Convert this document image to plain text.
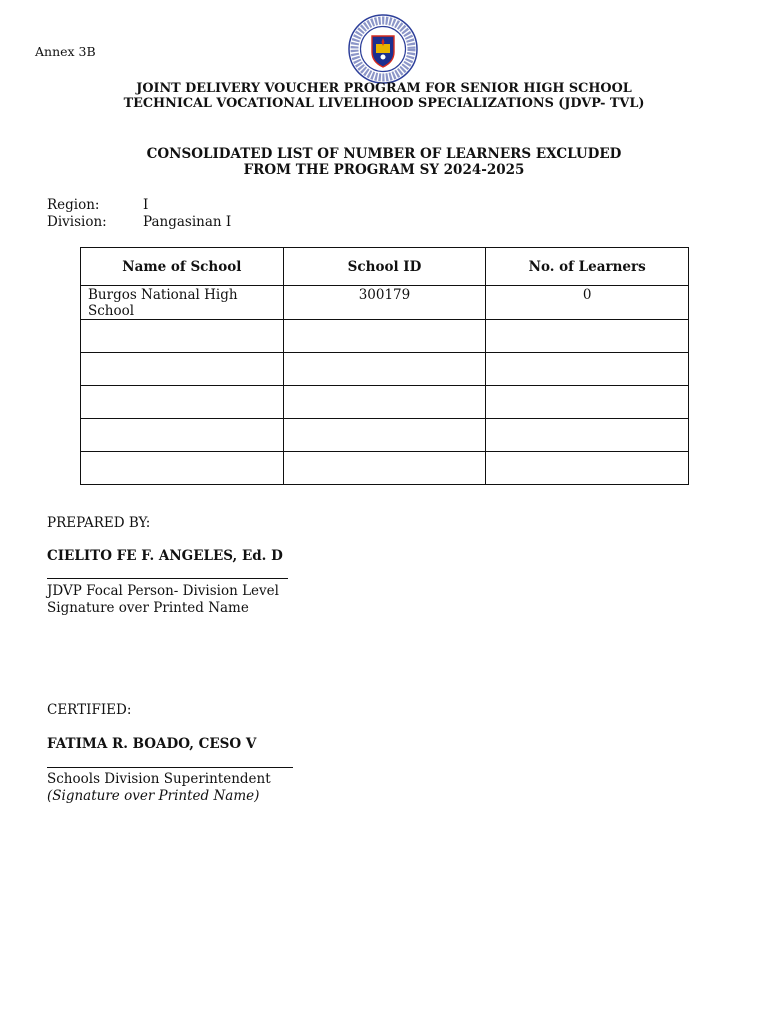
Annex 3B
JOINT DELIVERY VOUCHER PROGRAM FOR SENIOR HIGH SCHOOL
TECHNICAL VOCATIONAL LIVELIHOOD SPECIALIZATIONS (JDVP- TVL)
CONSOLIDATED LIST OF NUMBER OF LEARNERS EXCLUDED
FROM THE PROGRAM SY 2024-2025
Region:	I
Division:	Pangasinan I
Name of School	School ID	No. of Learners
Burgos National High School	300179	0

PREPARED BY:
CIELITO FE F. ANGELES, Ed. D
JDVP Focal Person- Division Level
Signature over Printed Name
CERTIFIED:
FATIMA R. BOADO, CESO V
Schools Division Superintendent
(Signature over Printed Name)
